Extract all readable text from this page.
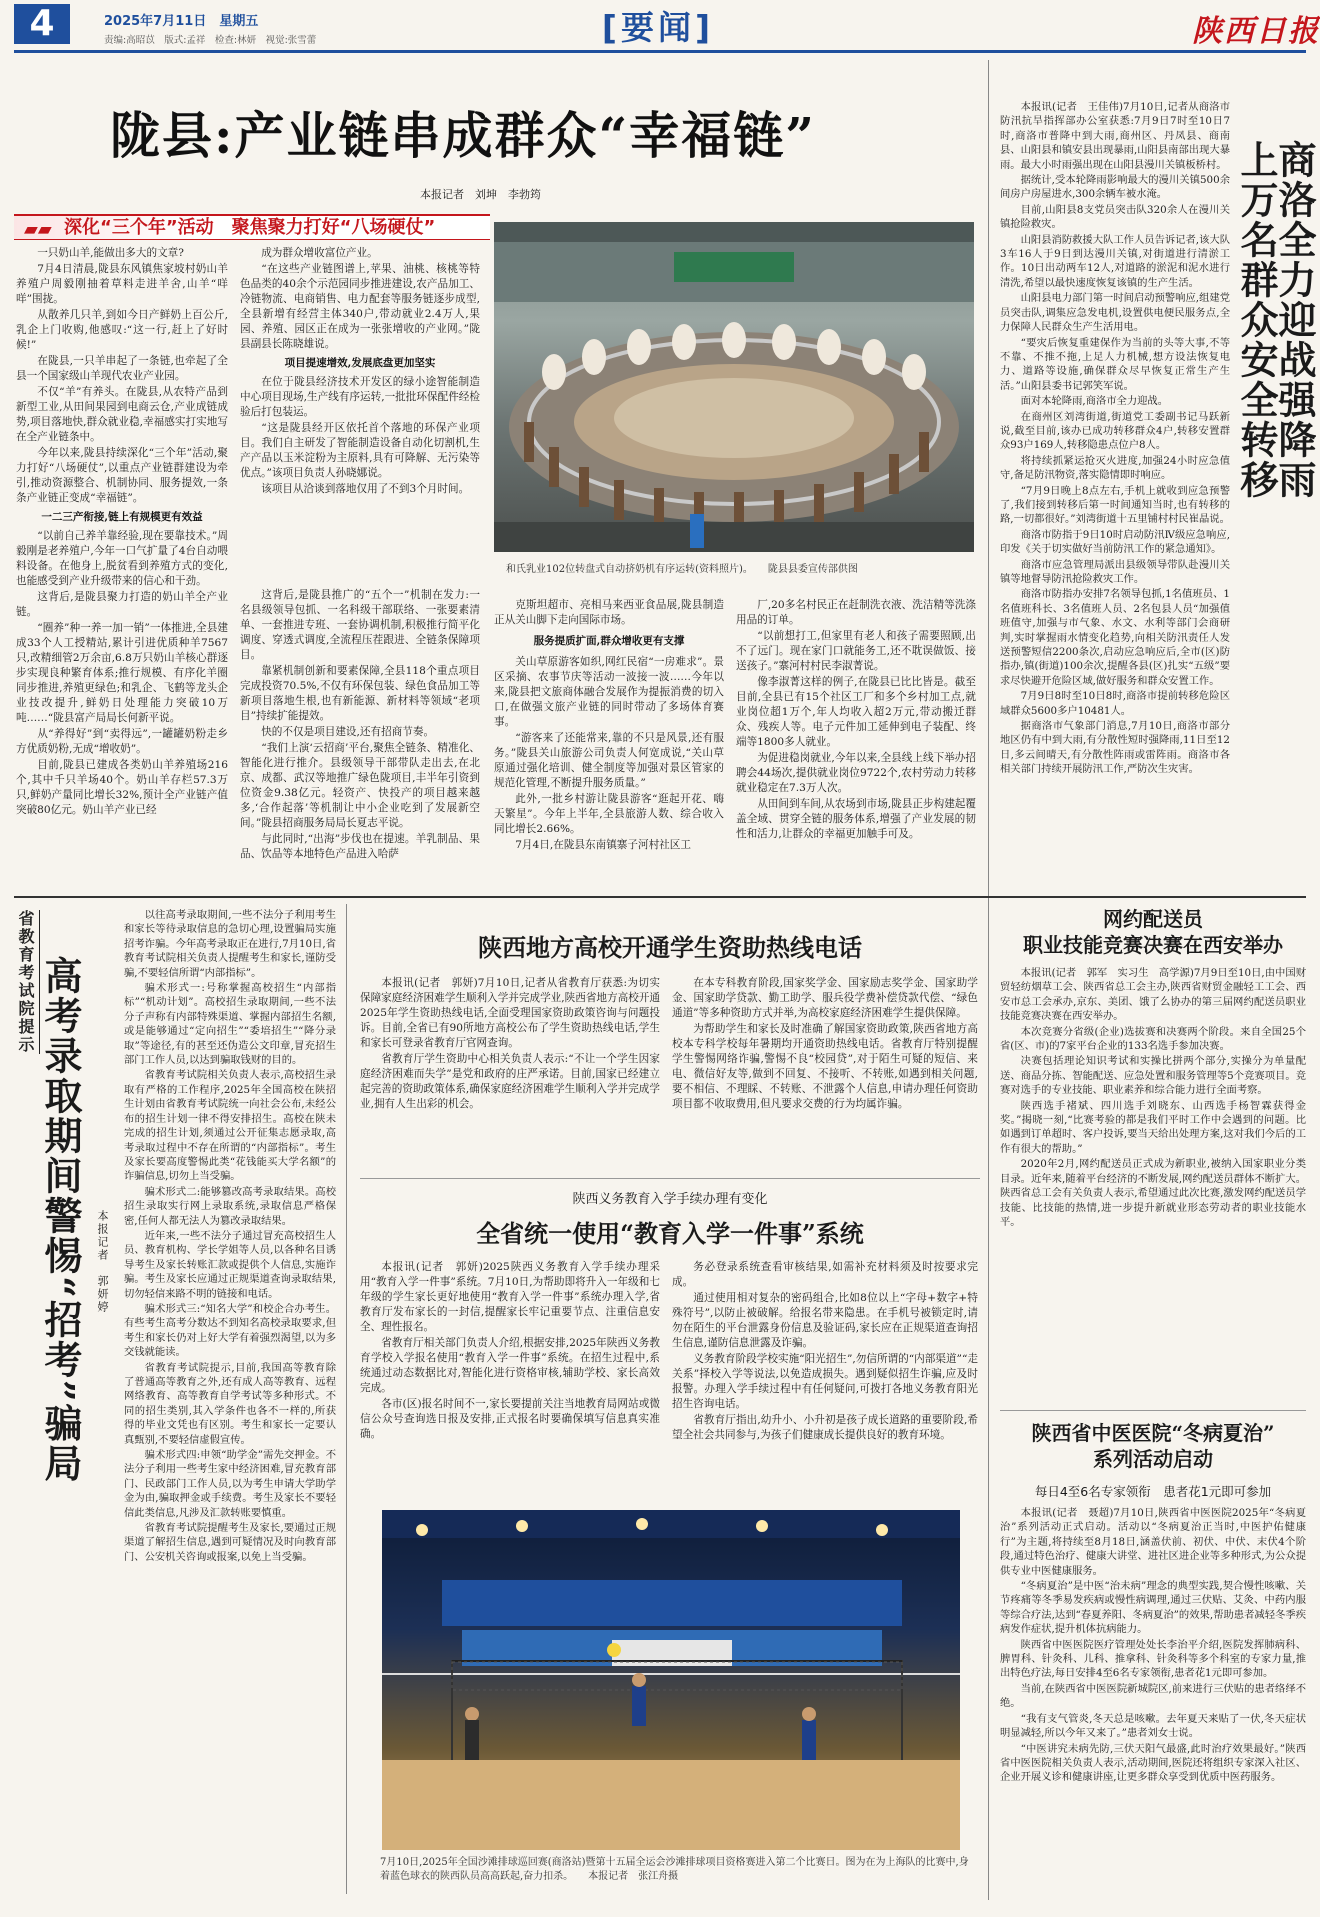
4	2025年7月11日　星期五
责编:高昭苡　版式:孟祥　检查:林妍　视觉:张雪蕾	[要闻]	陕西日报
陇县:产业链串成群众“幸福链”
本报记者　刘坤　李勃筠
▰▰ 深化“三个年”活动　聚焦聚力打好“八场硬仗”

一只奶山羊,能做出多大的文章?

7月4日清晨,陇县东风镇焦家坡村奶山羊养殖户周毅刚抽着草料走进羊舍,山羊“咩咩”围拢。

从散养几只羊,到如今日产鲜奶上百公斤,乳企上门收购,他感叹:“这一行,赶上了好时候!”

在陇县,一只羊串起了一条链,也牵起了全县一个国家级山羊现代农业产业园。

不仅“羊”有养头。在陇县,从农特产品到新型工业,从田间果园到电商云仓,产业成链成势,项目落地快,群众就业稳,幸福感实打实地写在全产业链条中。

今年以来,陇县持续深化“三个年”活动,聚力打好“八场硬仗”,以重点产业链群建设为牵引,推动资源整合、机制协同、服务提效,一条条产业链正变成“幸福链”。

一二三产衔接,链上有规模更有效益

“以前自己养羊靠经验,现在要靠技术。”周毅刚是老养殖户,今年一口气扩量了4台自动喂料设备。在他身上,脱贫看到养殖方式的变化,也能感受到产业升级带来的信心和干劲。

这背后,是陇县聚力打造的奶山羊全产业链。

“圈养”种一养一加一销”一体推进,全县建成33个人工授精站,累计引进优质种羊7567只,改精细管2万余亩,6.8万只奶山羊核心群逐步实现良种繁育体系;推行规模、有序化羊圈同步推进,养殖更绿色;和乳企、飞鹤等龙头企业技改提升,鲜奶日处理能力突破10万吨……“陇县富产局局长何新平说。

从“养得好”到“卖得远”,一罐罐奶粉走乡方优质奶粉,无成“增收奶”。

目前,陇县已建成各类奶山羊养殖场216个,其中千只羊场40个。奶山羊存栏57.3万只,鲜奶产量同比增长32%,预计全产业链产值突破80亿元。奶山羊产业已经

成为群众增收富位产业。

“在这些产业链图谱上,苹果、油桃、核桃等特色品类的40余个示范园同步推进建设,农产品加工、冷链物流、电商销售、电力配套等服务链逐步成型,全县新增有经营主体340户,带动就业2.4万人,果园、养殖、园区正在成为一张张增收的产业网。”陇县副县长陈晓雄说。

项目提速增效,发展底盘更加坚实

在位于陇县经济技术开发区的绿小途智能制造中心项目现场,生产线有序运转,一批批环保配件经检验后打包装运。

“这是陇县经开区依托首个落地的环保产业项目。我们自主研发了智能制造设备自动化切割机,生产产品以玉米淀粉为主原料,具有可降解、无污染等优点。”该项目负责人孙晓娜说。

该项目从洽谈到落地仅用了不到3个月时间。

这背后,是陇县推广的“五个一”机制在发力:一名县级领导包抓、一名科级干部联络、一张要素清单、一套推进专班、一套协调机制,积极推行简平化调度、穿透式调度,全流程压茬跟进、全链条保障项目。

靠紧机制创新和要素保障,全县118个重点项目完成投资70.5%,不仅有环保包装、绿色食品加工等新项目落地生根,也有新能源、新材料等领域“老项目”持续扩能提效。

快的不仅是项目建设,还有招商节奏。

“我们上演‘云招商’平台,聚焦全链条、精准化、智能化进行推介。县级领导干部带队走出去,在北京、成都、武汉等地推广绿色陇项目,丰半年引资到位资金9.38亿元。轻资产、快投产的项目越来越多,‘合作起落’等机制让中小企业吃到了发展新空间。”陇县招商服务局局长夏志平说。

与此同时,“出海”步伐也在提速。羊乳制品、果品、饮品等本地特色产品进入哈萨

和氏乳业102位转盘式自动挤奶机有序运转(资料照片)。　　陇县县委宣传部供图

克斯坦超市、亮相马来西亚食品展,陇县制造正从关山脚下走向国际市场。

服务提质扩面,群众增收更有支撑

关山草原游客如织,网红民宿“一房难求”。景区采摘、农事节庆等活动一波接一波……今年以来,陇县把文旅商体融合发展作为提振消费的切入口,在做强文旅产业链的同时带动了多场体育赛事。

“游客来了还能常来,靠的不只是风景,还有服务。”陇县关山旅游公司负责人何宽成说,“关山草原通过强化培训、健全制度等加强对景区管家的规范化管理,不断提升服务质量。”

此外,一批乡村游让陇县游客“逛起开花、嗨天繁星”。今年上半年,全县旅游人数、综合收入同比增长2.66%。

7月4日,在陇县东南镇寨子河村社区工

厂,20多名村民正在赶制洗衣液、洗洁精等洗涤用品的订单。

“以前想打工,但家里有老人和孩子需要照顾,出不了远门。现在家门口就能务工,还不耽误做饭、接送孩子。”寨河村村民李淑菁说。

像李淑菁这样的例子,在陇县已比比皆是。截至目前,全县已有15个社区工厂和多个乡村加工点,就业岗位超1万个,年人均收入超2万元,带动搬迁群众、残疾人等。电子元件加工延伸到电子装配、终端等1800多人就业。

为促进稳岗就业,今年以来,全县线上线下举办招聘会44场次,提供就业岗位9722个,农村劳动力转移就业稳定在7.3万人次。

从田间到车间,从农场到市场,陇县正步构建起覆盖全域、贯穿全链的服务体系,增强了产业发展的韧性和活力,让群众的幸福更加触手可及。

本报讯(记者　王佳伟)7月10日,记者从商洛市防汛抗旱指挥部办公室获悉:7月9日7时至10日7时,商洛市普降中到大雨,商州区、丹凤县、商南县、山阳县和镇安县出现暴雨,山阳县南部出现大暴雨。最大小时雨强出现在山阳县漫川关镇板桥村。

据统计,受本轮降雨影响最大的漫川关镇500余间房户房屋进水,300余辆车被水淹。

目前,山阳县8支党员突击队320余人在漫川关镇抢险救灾。

山阳县消防救援大队工作人员告诉记者,该大队3车16人于9日到达漫川关镇,对街道进行清淤工作。10日出动两车12人,对道路的淤泥和泥水进行清洗,希望以最快速度恢复该镇的生产生活。

山阳县电力部门第一时间启动预警响应,组建党员突击队,调集应急发电机,设置供电便民服务点,全力保障人民群众生产生活用电。

“要灾后恢复重建保作为当前的头等大事,不等不靠、不推不拖,上足人力机械,想方设法恢复电力、道路等设施,确保群众尽早恢复正常生产生活。”山阳县委书记郭笑军说。

面对本轮降雨,商洛市全力迎战。

在商州区刘湾街道,街道党工委副书记马跃新说,截至目前,该办已成功转移群众4户,转移安置群众93户169人,转移隐患点位户8人。

将持续抓紧运抢灭火进度,加强24小时应急值守,备足防汛物资,落实隐情即时响应。

“7月9日晚上8点左右,手机上就收到应急预警了,我们接到转移后第一时间通知当时,也有转移的路,一切都很好。”刘湾街道十五里铺村村民崔晶说。

商洛市防指于9日10时启动防汛Ⅳ级应急响应,印发《关于切实做好当前防汛工作的紧急通知》。

商洛市应急管理局派出县级领导带队赴漫川关镇等地督导防汛抢险救灾工作。

商洛市防指办安排7名领导包抓,1名值班员、1名值班科长、3名值班人员、2名包县人员“加强值班值守,加强与市气象、水文、水利等部门会商研判,实时掌握雨水情变化趋势,向相关防汛责任人发送预警短信2200条次,启动应急响应后,全市(区)防指办,镇(街道)100余次,提醒各县(区)扎实“五级”要求尽快避开危险区域,做好服务和群众安置工作。

7月9日8时至10日8时,商洛市提前转移危险区域群众5600多户10481人。

据商洛市气象部门消息,7月10日,商洛市部分地区仍有中到大雨,有分散性短时强降雨,11日至12日,多云间晴天,有分散性阵雨或雷阵雨。商洛市各相关部门持续开展防汛工作,严防次生灾害。

商洛全力迎战强降雨
上万名群众安全转移
省教育考试院提示 高考录取期间警惕“招考”骗局 本报记者　郭妍婷

以往高考录取期间,一些不法分子利用考生和家长等待录取信息的急切心理,设置骗局实施招考诈骗。今年高考录取正在进行,7月10日,省教育考试院相关负责人提醒考生和家长,谨防受骗,不要轻信所谓“内部指标”。

骗术形式一:号称掌握高校招生“内部指标”“机动计划”。高校招生录取期间,一些不法分子声称有内部特殊渠道、掌握内部招生名额,或是能够通过“定向招生”“委培招生”“降分录取”等途径,有的甚至还伪造公文印章,冒充招生部门工作人员,以达到骗取钱财的目的。

省教育考试院相关负责人表示,高校招生录取有严格的工作程序,2025年全国高校在陕招生计划由省教育考试院统一向社会公布,未经公布的招生计划一律不得安排招生。高校在陕未完成的招生计划,须通过公开征集志愿录取,高考录取过程中不存在所谓的“内部指标”。考生及家长要高度警惕此类“花钱能买大学名额”的诈骗信息,切勿上当受骗。

骗术形式二:能够篡改高考录取结果。高校招生录取实行网上录取系统,录取信息严格保密,任何人都无法人为篡改录取结果。

近年来,一些不法分子通过冒充高校招生人员、教育机构、学长学姐等人员,以各种名目诱导考生及家长转账汇款或提供个人信息,实施诈骗。考生及家长应通过正规渠道查询录取结果,切勿轻信来路不明的链接和电话。

骗术形式三:“知名大学”和校企合办考生。有些考生高考分数达不到知名高校录取要求,但考生和家长仍对上好大学有着强烈渴望,以为多交钱就能读。

省教育考试院提示,目前,我国高等教育除了普通高等教育之外,还有成人高等教育、远程网络教育、高等教育自学考试等多种形式。不同的招生类别,其入学条件也各不一样的,所获得的毕业文凭也有区别。考生和家长一定要认真甄别,不要轻信虚假宣传。

骗术形式四:申领“助学金”需先交押金。不法分子利用一些考生家中经济困难,冒充教育部门、民政部门工作人员,以为考生申请大学助学金为由,骗取押金或手续费。考生及家长不要轻信此类信息,凡涉及汇款转账要慎重。

省教育考试院提醒考生及家长,要通过正规渠道了解招生信息,遇到可疑情况及时向教育部门、公安机关咨询或报案,以免上当受骗。

陕西地方高校开通学生资助热线电话

本报讯(记者　郭妍)7月10日,记者从省教育厅获悉:为切实保障家庭经济困难学生顺利入学并完成学业,陕西省地方高校开通2025年学生资助热线电话,全面受理国家资助政策咨询与问题投诉。目前,全省已有90所地方高校公布了学生资助热线电话,学生和家长可登录省教育厅官网查询。

省教育厅学生资助中心相关负责人表示:“不让一个学生因家庭经济困难而失学”是党和政府的庄严承诺。目前,国家已经建立起完善的资助政策体系,确保家庭经济困难学生顺利入学并完成学业,拥有人生出彩的机会。

在本专科教育阶段,国家奖学金、国家励志奖学金、国家助学金、国家助学贷款、勤工助学、服兵役学费补偿贷款代偿、“绿色通道”等多种资助方式并举,为高校家庭经济困难学生提供保障。

为帮助学生和家长及时准确了解国家资助政策,陕西省地方高校本专科学校每年暑期均开通资助热线电话。省教育厅特别提醒学生警惕网络诈骗,警惕不良“校园贷”,对于陌生可疑的短信、来电、微信好友等,做到不回复、不接听、不转账,如遇到相关问题,要不相信、不理睬、不转账、不泄露个人信息,申请办理任何资助项目都不收取费用,但凡要求交费的行为均属诈骗。

陕西义务教育入学手续办理有变化
全省统一使用“教育入学一件事”系统

本报讯(记者　郭妍)2025陕西义务教育入学手续办理采用“教育入学一件事”系统。7月10日,为帮助即将升入一年级和七年级的学生家长更好地使用“教育入学一件事”系统办理入学,省教育厅发布家长的一封信,提醒家长牢记重要节点、注重信息安全、理性报名。

省教育厅相关部门负责人介绍,根据安排,2025年陕西义务教育学校入学报名使用“教育入学一件事”系统。在招生过程中,系统通过动态数据比对,智能化进行资格审核,辅助学校、家长高效完成。

各市(区)报名时间不一,家长要提前关注当地教育局网站或微信公众号查询选日报及安排,正式报名时要确保填写信息真实准确。

务必登录系统查看审核结果,如需补充材料须及时按要求完成。

通过使用相对复杂的密码组合,比如8位以上“字母+数字+特殊符号”,以防止被破解。给报名带来隐患。在手机号被锁定时,请勿在陌生的平台泄露身份信息及验证码,家长应在正规渠道查询招生信息,谨防信息泄露及诈骗。

义务教育阶段学校实施“阳光招生”,勿信所谓的“内部渠道”“走关系”择校入学等说法,以免造成损失。遇到疑似招生诈骗,应及时报警。办理入学手续过程中有任何疑问,可拨打各地义务教育阳光招生咨询电话。

省教育厅指出,幼升小、小升初是孩子成长道路的重要阶段,希望全社会共同参与,为孩子们健康成长提供良好的教育环境。

7月10日,2025年全国沙滩排球巡回赛(商洛站)暨第十五届全运会沙滩排球项目资格赛进入第二个比赛日。图为在为上海队的比赛中,身着蓝色球衣的陕西队员高高跃起,奋力扣杀。　　本报记者　张江舟摄
网约配送员
职业技能竞赛决赛在西安举办

本报讯(记者　郭军　实习生　高学源)7月9日至10日,由中国财贸轻纺烟草工会、陕西省总工会主办,陕西省财贸金融轻工工会、西安市总工会承办,京东、美团、饿了么协办的第三届网约配送员职业技能竞赛决赛在西安举办。

本次竞赛分省级(企业)选拔赛和决赛两个阶段。来自全国25个省(区、市)的7家平台企业的133名选手参加决赛。

决赛包括理论知识考试和实操比拼两个部分,实操分为单量配送、商品分拣、智能配送、应急处置和服务管理等5个竞赛项目。竞赛对选手的专业技能、职业素养和综合能力进行全面考察。

陕西选手褚斌、四川选手刘晓东、山西选手杨智霖获得金奖。”揭晓一刻,“比赛考验的都是我们平时工作中会遇到的问题。比如遇到订单超时、客户投诉,要当天给出处理方案,这对我们今后的工作有很大的帮助。”

2020年2月,网约配送员正式成为新职业,被纳入国家职业分类目录。近年来,随着平台经济的不断发展,网约配送员群体不断扩大。陕西省总工会有关负责人表示,希望通过此次比赛,激发网约配送员学技能、比技能的热情,进一步提升新就业形态劳动者的职业技能水平。

陕西省中医医院“冬病夏治”
系列活动启动
每日4至6名专家领衔　患者花1元即可参加

本报讯(记者　聂超)7月10日,陕西省中医医院2025年“冬病夏治”系列活动正式启动。活动以“冬病夏治正当时,中医护佑健康行”为主题,将持续至8月18日,涵盖伏前、初伏、中伏、末伏4个阶段,通过特色治疗、健康大讲堂、进社区进企业等多种形式,为公众提供专业中医健康服务。

“冬病夏治”是中医“治未病”理念的典型实践,契合慢性咳嗽、关节疼痛等冬季易发疾病或慢性病调理,通过三伏贴、艾灸、中药内服等综合疗法,达到“春夏养阳、冬病夏治”的效果,帮助患者减轻冬季疾病发作症状,提升机体抗病能力。

陕西省中医医院医疗管理处处长李治平介绍,医院发挥肺病科、脾胃科、针灸科、儿科、推拿科、针灸科等多个科室的专家力量,推出特色疗法,每日安排4至6名专家领衔,患者花1元即可参加。

当前,在陕西省中医医院新城院区,前来进行三伏贴的患者络绎不绝。

“我有支气管炎,冬天总是咳嗽。去年夏天来贴了一伏,冬天症状明显减轻,所以今年又来了。”患者刘女士说。

“中医讲究未病先防,三伏天阳气最盛,此时治疗效果最好。”陕西省中医医院相关负责人表示,活动期间,医院还将组织专家深入社区、企业开展义诊和健康讲座,让更多群众享受到优质中医药服务。
